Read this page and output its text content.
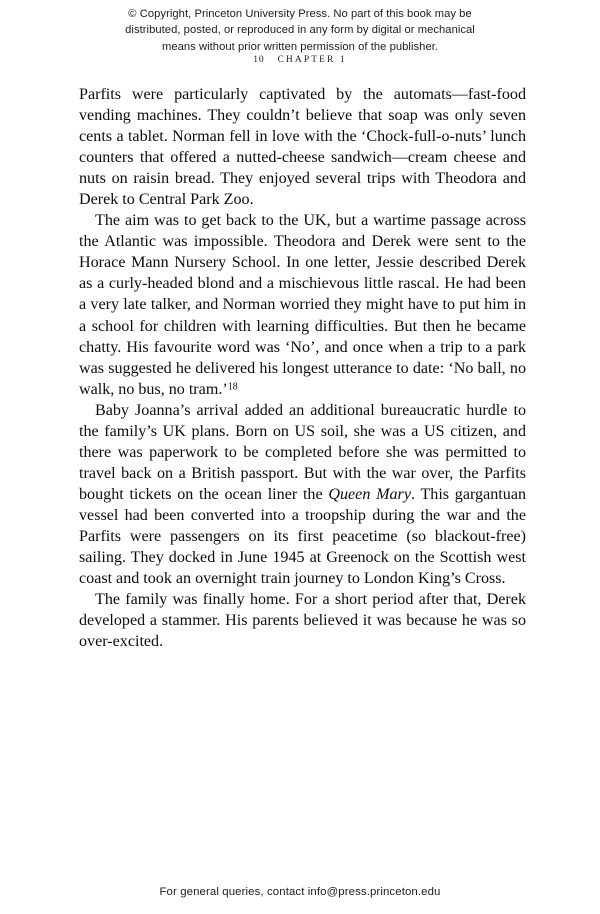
© Copyright, Princeton University Press. No part of this book may be
distributed, posted, or reproduced in any form by digital or mechanical
means without prior written permission of the publisher.
10 CHAPTER 1

Parfits were particularly captivated by the automats—fast-food vending machines. They couldn’t believe that soap was only seven cents a tablet. Norman fell in love with the ‘Chock-full-o-nuts’ lunch counters that offered a nutted-cheese sandwich—cream cheese and nuts on raisin bread. They enjoyed several trips with Theodora and Derek to Central Park Zoo.

The aim was to get back to the UK, but a wartime passage across the Atlantic was impossible. Theodora and Derek were sent to the Horace Mann Nursery School. In one letter, Jessie described Derek as a curly-headed blond and a mischievous little rascal. He had been a very late talker, and Norman worried they might have to put him in a school for children with learning difficulties. But then he became chatty. His favourite word was ‘No’, and once when a trip to a park was suggested he delivered his longest utterance to date: ‘No ball, no walk, no bus, no tram.’$^{18}$

Baby Joanna’s arrival added an additional bureaucratic hurdle to the family’s UK plans. Born on US soil, she was a US citizen, and there was paperwork to be completed before she was permitted to travel back on a British passport. But with the war over, the Parfits bought tickets on the ocean liner the Queen Mary. This gargantuan vessel had been converted into a troopship during the war and the Parfits were passengers on its first peacetime (so blackout-free) sailing. They docked in June 1945 at Greenock on the Scottish west coast and took an overnight train journey to London King’s Cross.

The family was finally home. For a short period after that, Derek developed a stammer. His parents believed it was because he was so over-excited.

For general queries, contact info@press.princeton.edu
